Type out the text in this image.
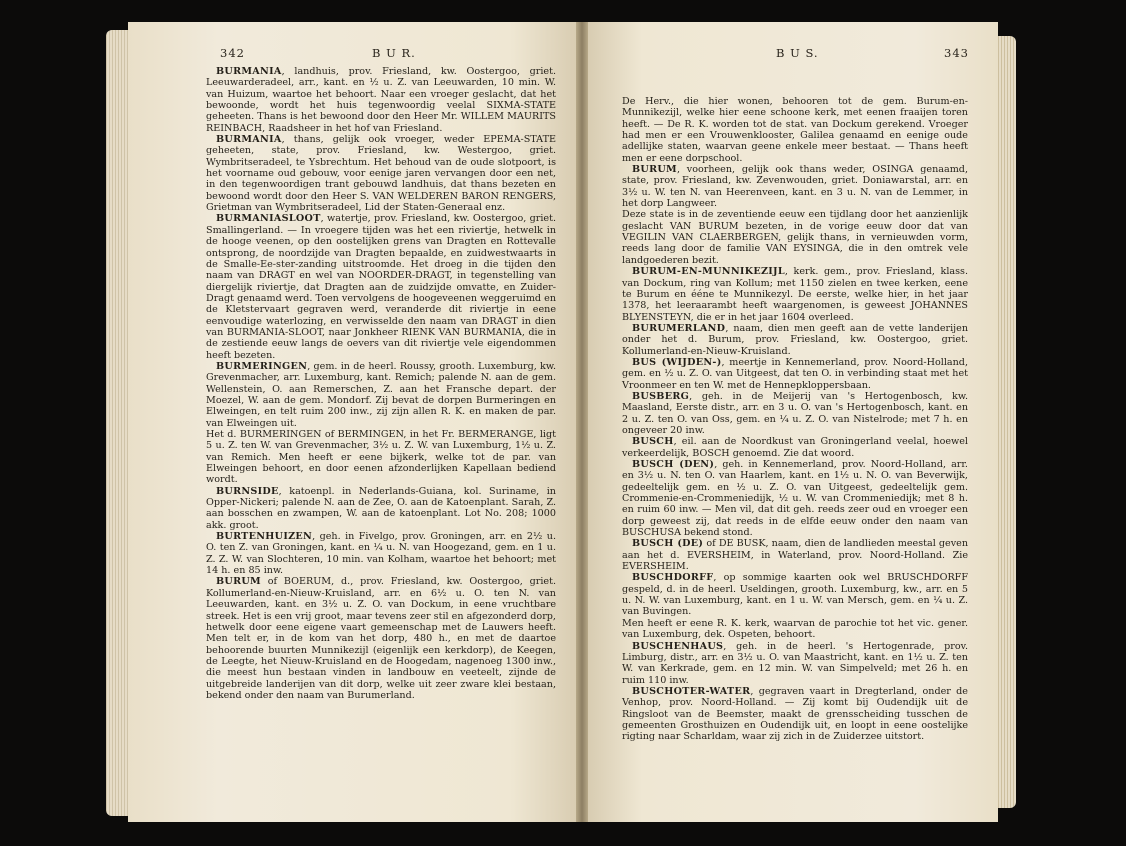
342	B U R.	B U S.	343

BURMANIA, landhuis, prov. Friesland, kw. Oostergoo, griet. Leeuwarderadeel, arr., kant. en ½ u. Z. van Leeuwarden, 10 min. W. van Huizum, waartoe het behoort. Naar een vroeger geslacht, dat het bewoonde, wordt het huis tegenwoordig veelal SIXMA-STATE geheeten. Thans is het bewoond door den Heer Mr. WILLEM MAURITS REINBACH, Raadsheer in het hof van Friesland.

BURMANIA, thans, gelijk ook vroeger, weder EPEMA-STATE geheeten, state, prov. Friesland, kw. Westergoo, griet. Wymbritseradeel, te Ysbrechtum. Het behoud van de oude slotpoort, is het voorname oud gebouw, voor eenige jaren vervangen door een net, in den tegenwoordigen trant gebouwd landhuis, dat thans bezeten en bewoond wordt door den Heer S. VAN WELDEREN BARON RENGERS, Grietman van Wymbritseradeel, Lid der Staten-Generaal enz.

BURMANIASLOOT, watertje, prov. Friesland, kw. Oostergoo, griet. Smallingerland. — In vroegere tijden was het een riviertje, hetwelk in de hooge veenen, op den oostelijken grens van Dragten en Rottevalle ontsprong, de noordzijde van Dragten bepaalde, en zuidwestwaarts in de Smalle-Ee-ster-zanding uitstroomde. Het droeg in die tijden den naam van DRAGT en wel van NOORDER-DRAGT, in tegenstelling van diergelijk riviertje, dat Dragten aan de zuidzijde omvatte, en Zuider-Dragt genaamd werd. Toen vervolgens de hoogeveenen weggeruimd en de Kletstervaart gegraven werd, veranderde dit riviertje in eene eenvoudige waterlozing, en verwisselde den naam van DRAGT in dien van BURMANIA-SLOOT, naar Jonkheer RIENK VAN BURMANIA, die in de zestiende eeuw langs de oevers van dit riviertje vele eigendommen heeft bezeten.

BURMERINGEN, gem. in de heerl. Roussy, grooth. Luxemburg, kw. Grevenmacher, arr. Luxemburg, kant. Remich; palende N. aan de gem. Wellenstein, O. aan Remerschen, Z. aan het Fransche depart. der Moezel, W. aan de gem. Mondorf. Zij bevat de dorpen Burmeringen en Elweingen, en telt ruim 200 inw., zij zijn allen R. K. en maken de par. van Elweingen uit.

Het d. BURMERINGEN of BERMINGEN, in het Fr. BERMERANGE, ligt 5 u. Z. ten W. van Grevenmacher, 3½ u. Z. W. van Luxemburg, 1½ u. Z. van Remich. Men heeft er eene bijkerk, welke tot de par. van Elweingen behoort, en door eenen afzonderlijken Kapellaan bediend wordt.

BURNSIDE, katoenpl. in Nederlands-Guiana, kol. Suriname, in Opper-Nickeri; palende N. aan de Zee, O. aan de Katoenplant. Sarah, Z. aan bosschen en zwampen, W. aan de katoenplant. Lot No. 208; 1000 akk. groot.

BURTENHUIZEN, geh. in Fivelgo, prov. Groningen, arr. en 2½ u. O. ten Z. van Groningen, kant. en ¼ u. N. van Hoogezand, gem. en 1 u. Z. Z. W. van Slochteren, 10 min. van Kolham, waartoe het behoort; met 14 h. en 85 inw.

BURUM of BOERUM, d., prov. Friesland, kw. Oostergoo, griet. Kollumerland-en-Nieuw-Kruisland, arr. en 6½ u. O. ten N. van Leeuwarden, kant. en 3½ u. Z. O. van Dockum, in eene vruchtbare streek. Het is een vrij groot, maar tevens zeer stil en afgezonderd dorp, hetwelk door eene eigene vaart gemeenschap met de Lauwers heeft. Men telt er, in de kom van het dorp, 480 h., en met de daartoe behoorende buurten Munnikezijl (eigenlijk een kerkdorp), de Keegen, de Leegte, het Nieuw-Kruisland en de Hoogedam, nagenoeg 1300 inw., die meest hun bestaan vinden in landbouw en veeteelt, zijnde de uitgebreide landerijen van dit dorp, welke uit zeer zware klei bestaan, bekend onder den naam van Burumerland.

De Herv., die hier wonen, behooren tot de gem. Burum-en-Munnikezijl, welke hier eene schoone kerk, met eenen fraaijen toren heeft. — De R. K. worden tot de stat. van Dockum gerekend. Vroeger had men er een Vrouwenklooster, Galilea genaamd en eenige oude adellijke staten, waarvan geene enkele meer bestaat. — Thans heeft men er eene dorpschool.

BURUM, voorheen, gelijk ook thans weder, OSINGA genaamd, state, prov. Friesland, kw. Zevenwouden, griet. Doniawarstal, arr. en 3½ u. W. ten N. van Heerenveen, kant. en 3 u. N. van de Lemmer, in het dorp Langweer.

Deze state is in de zeventiende eeuw een tijdlang door het aanzienlijk geslacht VAN BURUM bezeten, in de vorige eeuw door dat van VEGILIN VAN CLAERBERGEN, gelijk thans, in vernieuwden vorm, reeds lang door de familie VAN EYSINGA, die in den omtrek vele landgoederen bezit.

BURUM-EN-MUNNIKEZIJL, kerk. gem., prov. Friesland, klass. van Dockum, ring van Kollum; met 1150 zielen en twee kerken, eene te Burum en ééne te Munnikezyl. De eerste, welke hier, in het jaar 1378, het leeraarambt heeft waargenomen, is geweest JOHANNES BLYENSTEYN, die er in het jaar 1604 overleed.

BURUMERLAND, naam, dien men geeft aan de vette landerijen onder het d. Burum, prov. Friesland, kw. Oostergoo, griet. Kollumerland-en-Nieuw-Kruisland.

BUS (WIJDEN-), meertje in Kennemerland, prov. Noord-Holland, gem. en ½ u. Z. O. van Uitgeest, dat ten O. in verbinding staat met het Vroonmeer en ten W. met de Hennepkloppersbaan.

BUSBERG, geh. in de Meijerij van 's Hertogenbosch, kw. Maasland, Eerste distr., arr. en 3 u. O. van 's Hertogenbosch, kant. en 2 u. Z. ten O. van Oss, gem. en ¼ u. Z. O. van Nistelrode; met 7 h. en ongeveer 20 inw.

BUSCH, eil. aan de Noordkust van Groningerland veelal, hoewel verkeerdelijk, BOSCH genoemd. Zie dat woord.

BUSCH (DEN), geh. in Kennemerland, prov. Noord-Holland, arr. en 3½ u. N. ten O. van Haarlem, kant. en 1½ u. N. O. van Beverwijk, gedeeltelijk gem. en ½ u. Z. O. van Uitgeest, gedeeltelijk gem. Crommenie-en-Crommeniedijk, ½ u. W. van Crommeniedijk; met 8 h. en ruim 60 inw. — Men vil, dat dit geh. reeds zeer oud en vroeger een dorp geweest zij, dat reeds in de elfde eeuw onder den naam van BUSCHUSA bekend stond.

BUSCH (DE) of DE BUSK, naam, dien de landlieden meestal geven aan het d. EVERSHEIM, in Waterland, prov. Noord-Holland. Zie EVERSHEIM.

BUSCHDORFF, op sommige kaarten ook wel BRUSCHDORFF gespeld, d. in de heerl. Useldingen, grooth. Luxemburg, kw., arr. en 5 u. N. W. van Luxemburg, kant. en 1 u. W. van Mersch, gem. en ¼ u. Z. van Buvingen.

Men heeft er eene R. K. kerk, waarvan de parochie tot het vic. gener. van Luxemburg, dek. Ospeten, behoort.

BUSCHENHAUS, geh. in de heerl. 's Hertogenrade, prov. Limburg, distr., arr. en 3½ u. O. van Maastricht, kant. en 1½ u. Z. ten W. van Kerkrade, gem. en 12 min. W. van Simpelveld; met 26 h. en ruim 110 inw.

BUSCHOTER-WATER, gegraven vaart in Dregterland, onder de Venhop, prov. Noord-Holland. — Zij komt bij Oudendijk uit de Ringsloot van de Beemster, maakt de grensscheiding tusschen de gemeenten Grosthuizen en Oudendijk uit, en loopt in eene oostelijke rigting naar Scharldam, waar zij zich in de Zuiderzee uitstort.
